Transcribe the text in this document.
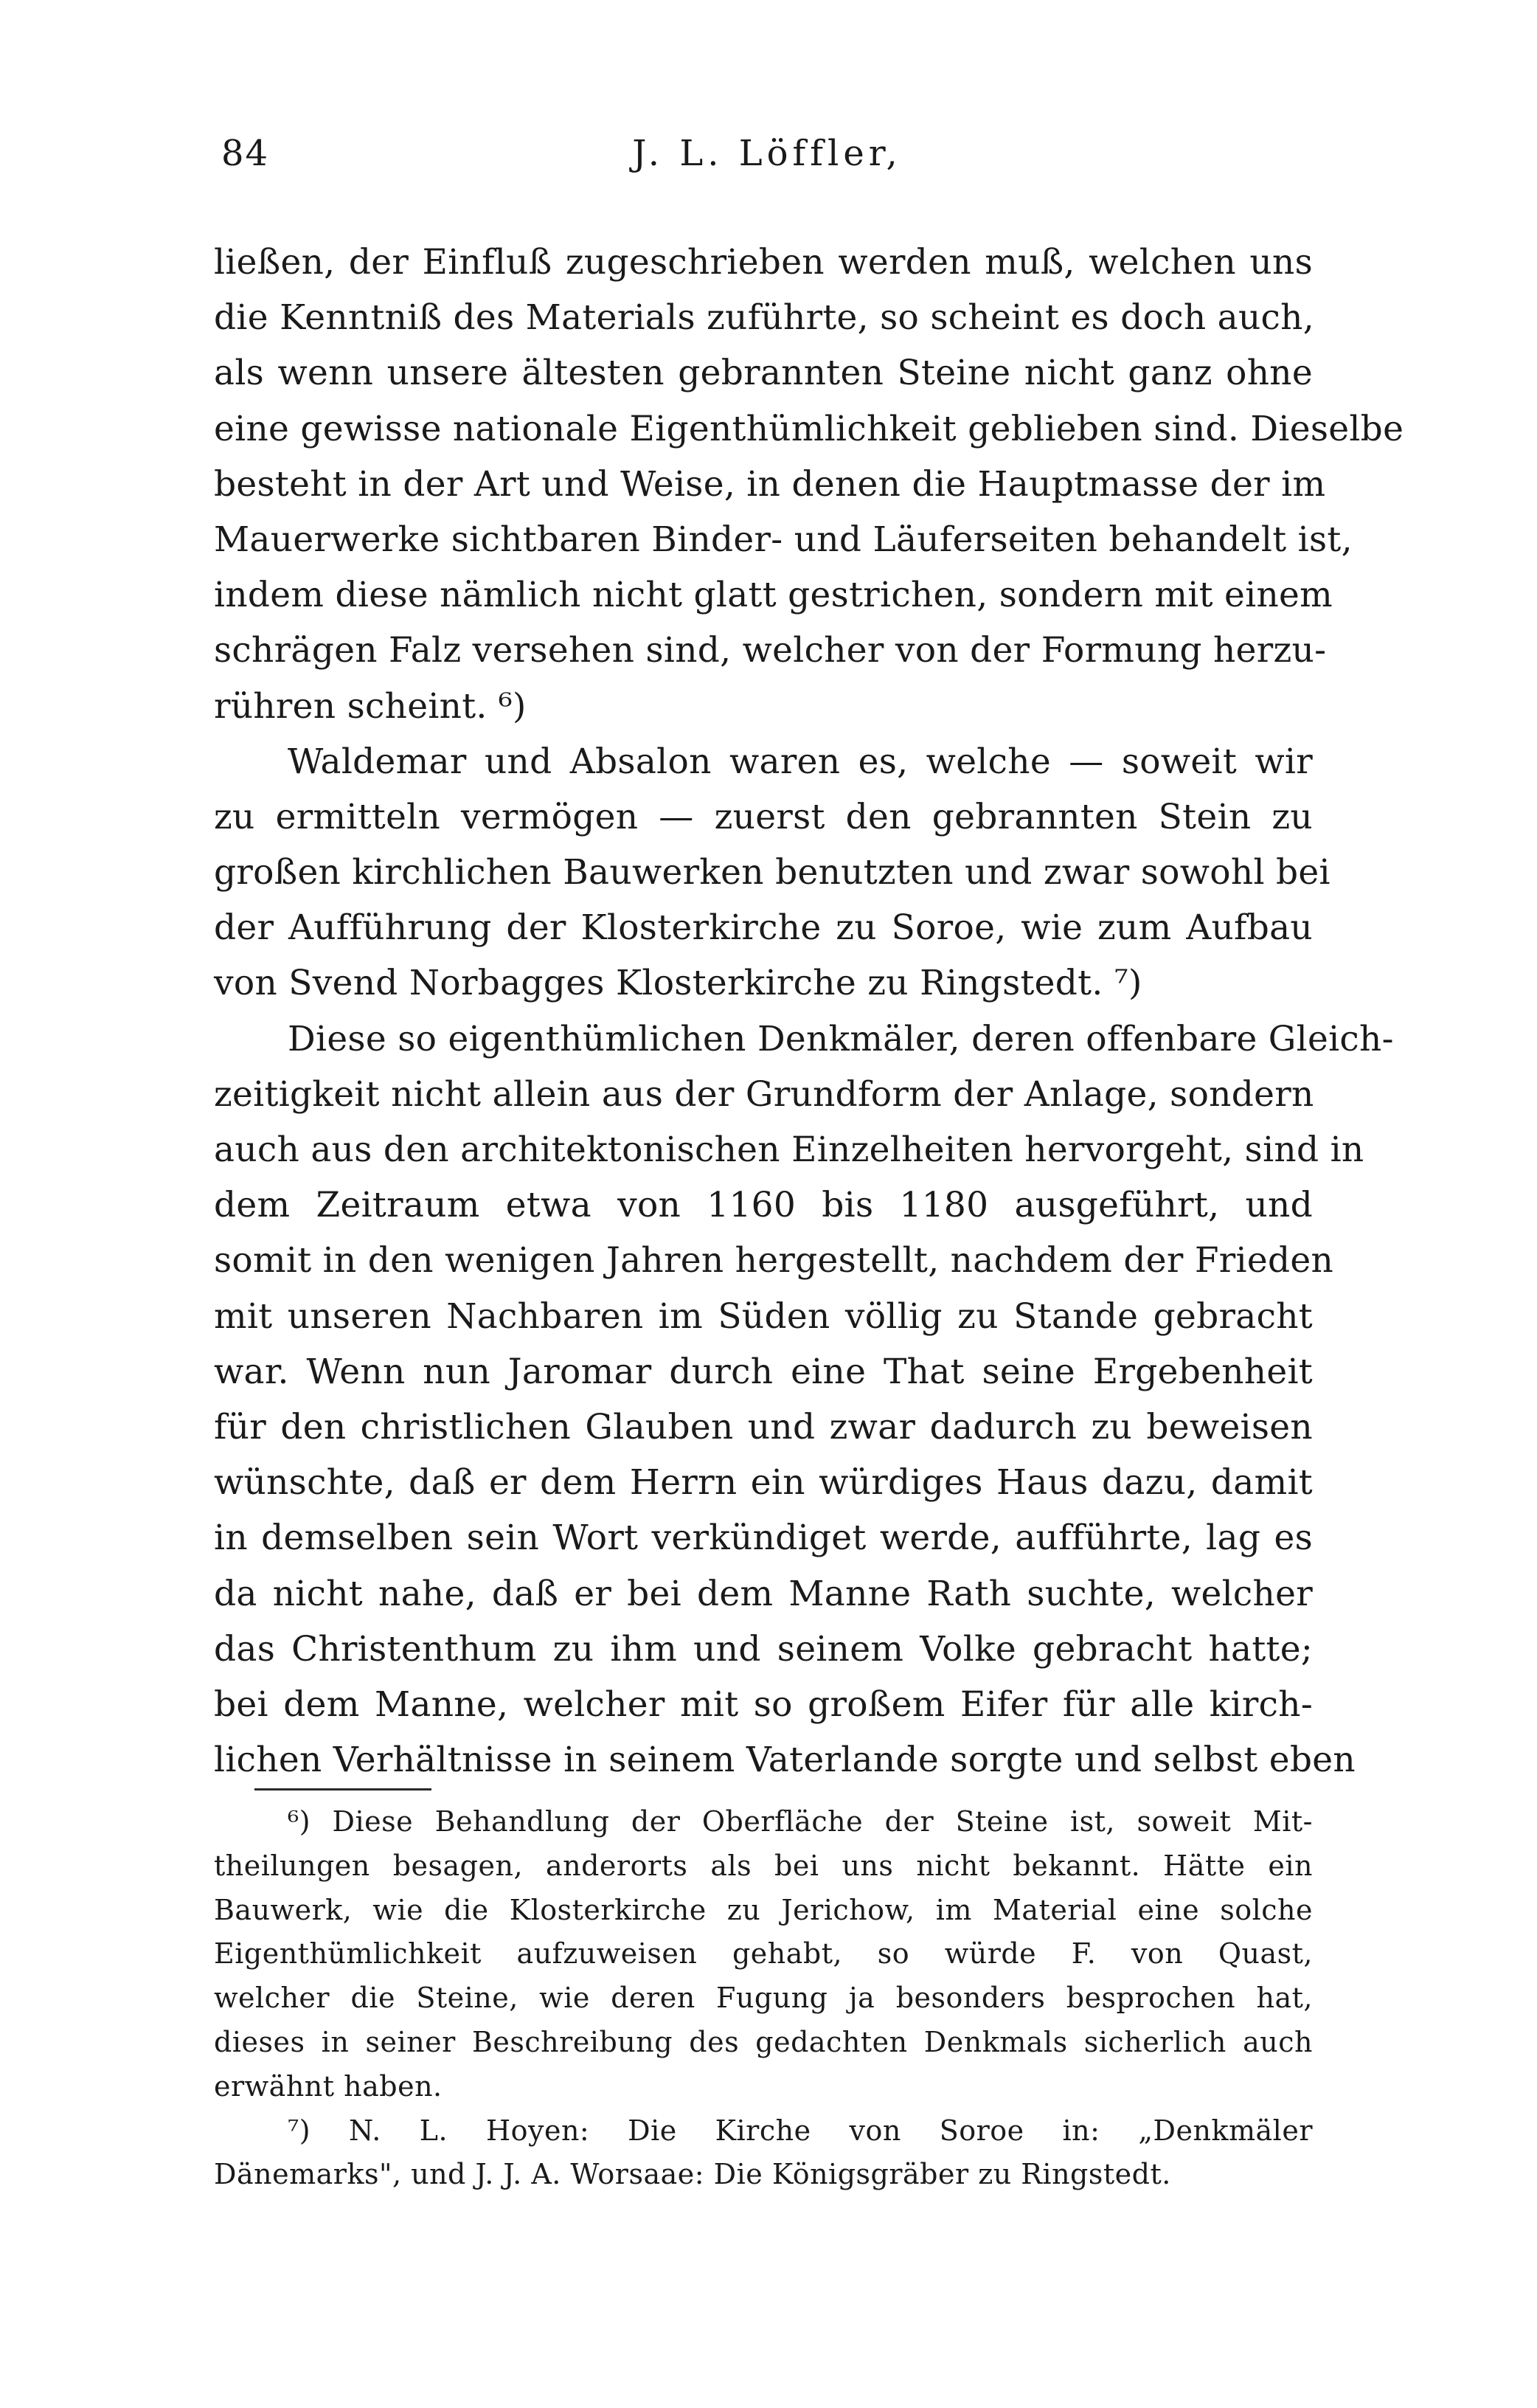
84	J. L. Löffler,
ließen, der Einfluß zugeschrieben werden muß, welchen uns
die Kenntniß des Materials zuführte, so scheint es doch auch,
als wenn unsere ältesten gebrannten Steine nicht ganz ohne
eine gewisse nationale Eigenthümlichkeit geblieben sind. Dieselbe
besteht in der Art und Weise, in denen die Hauptmasse der im
Mauerwerke sichtbaren Binder- und Läuferseiten behandelt ist,
indem diese nämlich nicht glatt gestrichen, sondern mit einem
schrägen Falz versehen sind, welcher von der Formung herzu-
rühren scheint. ⁶)
Waldemar und Absalon waren es, welche — soweit wir
zu ermitteln vermögen — zuerst den gebrannten Stein zu
großen kirchlichen Bauwerken benutzten und zwar sowohl bei
der Aufführung der Klosterkirche zu Soroe, wie zum Aufbau
von Svend Norbagges Klosterkirche zu Ringstedt. ⁷)
Diese so eigenthümlichen Denkmäler, deren offenbare Gleich-
zeitigkeit nicht allein aus der Grundform der Anlage, sondern
auch aus den architektonischen Einzelheiten hervorgeht, sind in
dem Zeitraum etwa von 1160 bis 1180 ausgeführt, und
somit in den wenigen Jahren hergestellt, nachdem der Frieden
mit unseren Nachbaren im Süden völlig zu Stande gebracht
war. Wenn nun Jaromar durch eine That seine Ergebenheit
für den christlichen Glauben und zwar dadurch zu beweisen
wünschte, daß er dem Herrn ein würdiges Haus dazu, damit
in demselben sein Wort verkündiget werde, aufführte, lag es
da nicht nahe, daß er bei dem Manne Rath suchte, welcher
das Christenthum zu ihm und seinem Volke gebracht hatte;
bei dem Manne, welcher mit so großem Eifer für alle kirch-
lichen Verhältnisse in seinem Vaterlande sorgte und selbst eben
⁶) Diese Behandlung der Oberfläche der Steine ist, soweit Mit-
theilungen besagen, anderorts als bei uns nicht bekannt. Hätte ein
Bauwerk, wie die Klosterkirche zu Jerichow, im Material eine solche
Eigenthümlichkeit aufzuweisen gehabt, so würde F. von Quast,
welcher die Steine, wie deren Fugung ja besonders besprochen hat,
dieses in seiner Beschreibung des gedachten Denkmals sicherlich auch
erwähnt haben.
⁷) N. L. Hoyen: Die Kirche von Soroe in: „Denkmäler
Dänemarks", und J. J. A. Worsaae: Die Königsgräber zu Ringstedt.
